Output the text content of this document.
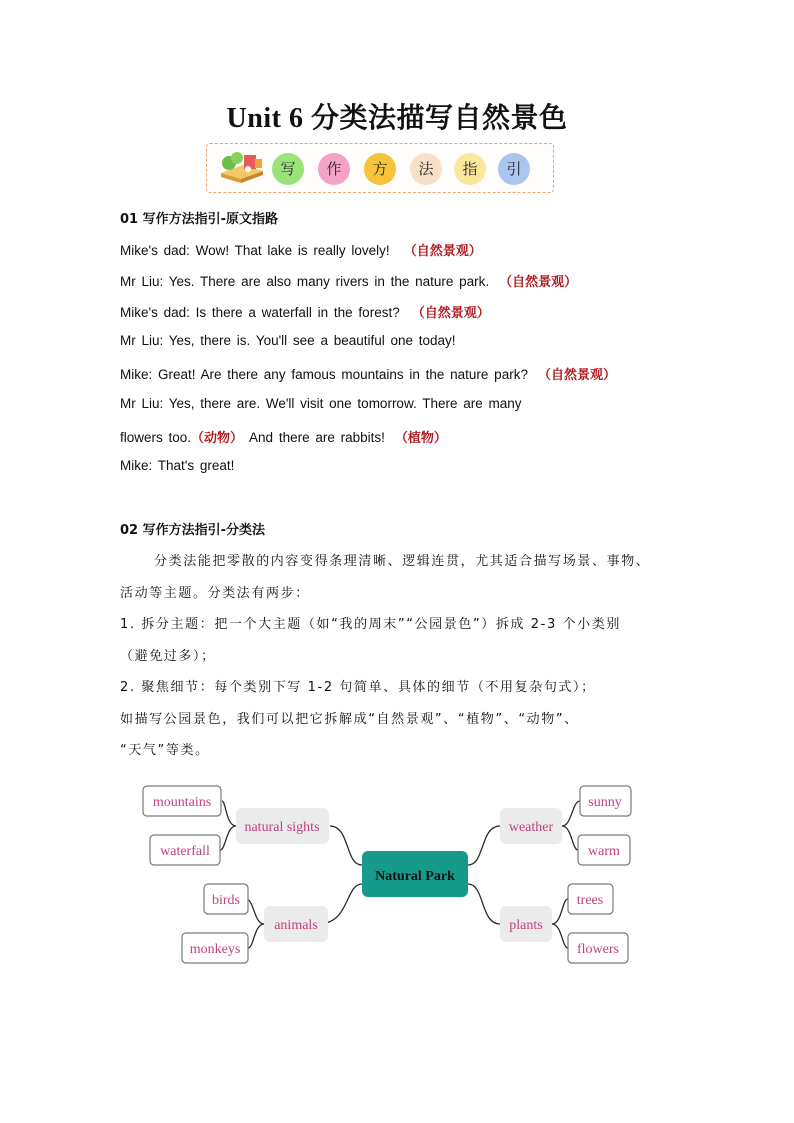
Unit 6 分类法描写自然景色
写	作	方	法	指	引
01 写作方法指引-原文指路
Mike's dad: Wow! That lake is really lovely! （自然景观）
Mr Liu: Yes. There are also many rivers in the nature park. （自然景观）
Mike's dad: Is there a waterfall in the forest? （自然景观）
Mr Liu: Yes, there is. You'll see a beautiful one today!
Mike: Great! Are there any famous mountains in the nature park? （自然景观）
Mr Liu: Yes, there are. We'll visit one tomorrow. There are many
flowers too.（动物） And there are rabbits! （植物）
Mike: That's great!
02 写作方法指引-分类法
分类法能把零散的内容变得条理清晰、逻辑连贯，尤其适合描写场景、事物、
活动等主题。分类法有两步：
1. 拆分主题：把一个大主题（如“我的周末”“公园景色”）拆成 2-3 个小类别
（避免过多）；
2. 聚焦细节：每个类别下写 1-2 句简单、具体的细节（不用复杂句式）；
如描写公园景色，我们可以把它拆解成“自然景观”、“植物”、“动物”、
“天气”等类。
Natural Park
natural sights
mountains
waterfall
animals
birds
monkeys
weather
sunny
warm
plants
trees
flowers
